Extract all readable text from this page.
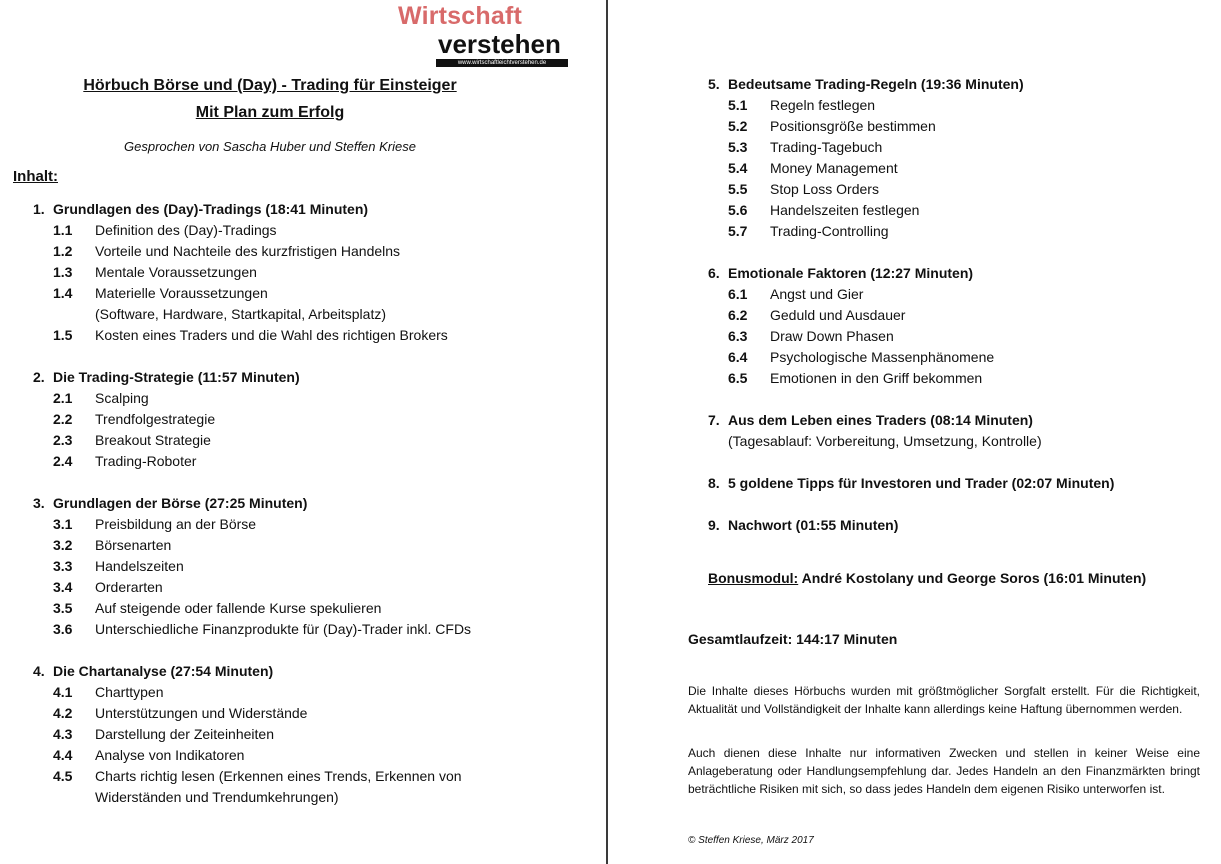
Wirtschaft
verstehen
www.wirtschaftleichtverstehen.de
Hörbuch Börse und (Day) - Trading für Einsteiger
Mit Plan zum Erfolg
Gesprochen von Sascha Huber und Steffen Kriese
Inhalt:
1. Grundlagen des (Day)-Tradings (18:41 Minuten)
1.1	Definition des (Day)-Tradings
1.2	Vorteile und Nachteile des kurzfristigen Handelns
1.3	Mentale Voraussetzungen
1.4	Materielle Voraussetzungen
(Software, Hardware, Startkapital, Arbeitsplatz)
1.5	Kosten eines Traders und die Wahl des richtigen Brokers
2. Die Trading-Strategie (11:57 Minuten)
2.1	Scalping
2.2	Trendfolgestrategie
2.3	Breakout Strategie
2.4	Trading-Roboter
3. Grundlagen der Börse (27:25 Minuten)
3.1	Preisbildung an der Börse
3.2	Börsenarten
3.3	Handelszeiten
3.4	Orderarten
3.5	Auf steigende oder fallende Kurse spekulieren
3.6	Unterschiedliche Finanzprodukte für (Day)-Trader inkl. CFDs
4. Die Chartanalyse (27:54 Minuten)
4.1	Charttypen
4.2	Unterstützungen und Widerstände
4.3	Darstellung der Zeiteinheiten
4.4	Analyse von Indikatoren
4.5	Charts richtig lesen (Erkennen eines Trends, Erkennen von
Widerständen und Trendumkehrungen)
5. Bedeutsame Trading-Regeln (19:36 Minuten)
5.1	Regeln festlegen
5.2	Positionsgröße bestimmen
5.3	Trading-Tagebuch
5.4	Money Management
5.5	Stop Loss Orders
5.6	Handelszeiten festlegen
5.7	Trading-Controlling
6. Emotionale Faktoren (12:27 Minuten)
6.1	Angst und Gier
6.2	Geduld und Ausdauer
6.3	Draw Down Phasen
6.4	Psychologische Massenphänomene
6.5	Emotionen in den Griff bekommen
7. Aus dem Leben eines Traders (08:14 Minuten)
(Tagesablauf: Vorbereitung, Umsetzung, Kontrolle)
8. 5 goldene Tipps für Investoren und Trader (02:07 Minuten)
9. Nachwort (01:55 Minuten)
Bonusmodul: André Kostolany und George Soros (16:01 Minuten)
Gesamtlaufzeit: 144:17 Minuten
Die Inhalte dieses Hörbuchs wurden mit größtmöglicher Sorgfalt erstellt. Für die Richtigkeit, Aktualität und Vollständigkeit der Inhalte kann allerdings keine Haftung übernommen werden.
Auch dienen diese Inhalte nur informativen Zwecken und stellen in keiner Weise eine Anlageberatung oder Handlungsempfehlung dar. Jedes Handeln an den Finanzmärkten bringt beträchtliche Risiken mit sich, so dass jedes Handeln dem eigenen Risiko unterworfen ist.
© Steffen Kriese, März 2017
